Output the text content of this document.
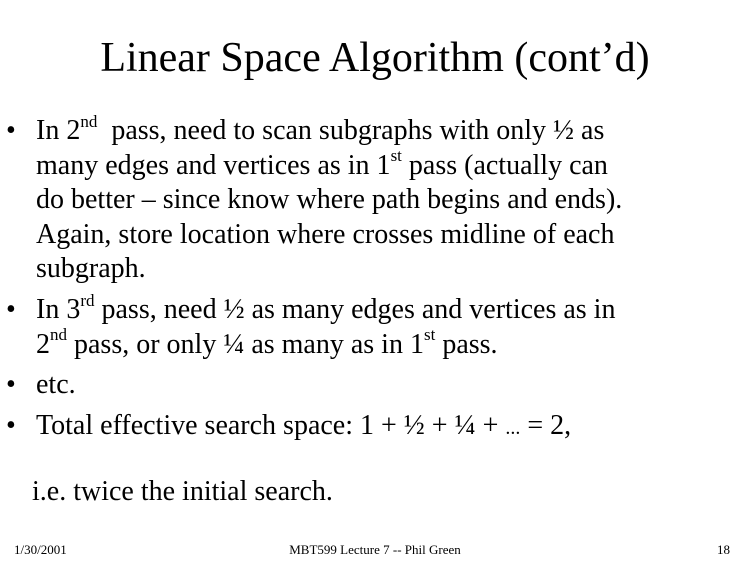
Linear Space Algorithm (cont’d)
• In 2nd  pass, need to scan subgraphs with only ½ as
many edges and vertices as in 1st pass (actually can
do better – since know where path begins and ends).
Again, store location where crosses midline of each
subgraph.
• In 3rd pass, need ½ as many edges and vertices as in
2nd pass, or only ¼ as many as in 1st pass.
• etc.
• Total effective search space: 1 + ½ + ¼ + ... = 2,
i.e. twice the initial search.
1/30/2001	MBT599 Lecture 7 -- Phil Green	18
